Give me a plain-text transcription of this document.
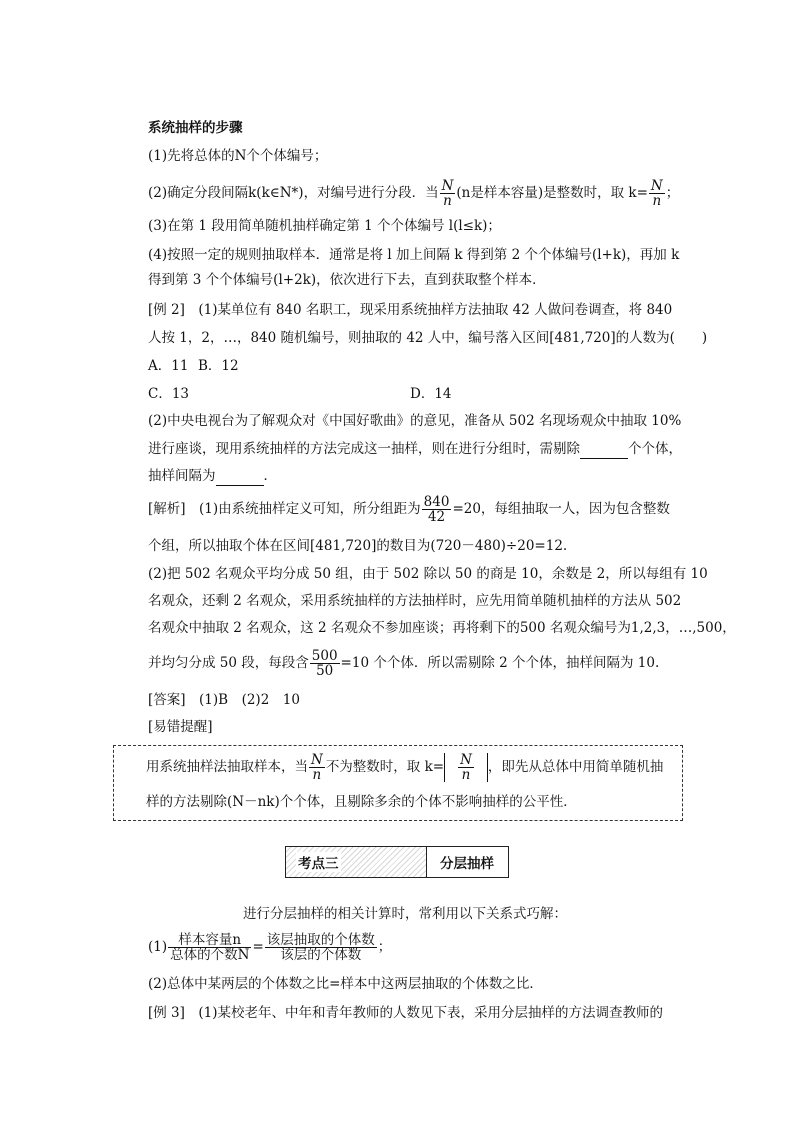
系统抽样的步骤
(1)先将总体的N个个体编号；
(2)确定分段间隔k(k∈N*)，对编号进行分段．当 $\frac{N}{n} (n$是样本容量)是整数时，取 $k= \frac{N}{n}$ ；
(3)在第 1 段用简单随机抽样确定第 1 个个体编号 l(l≤k)；
(4)按照一定的规则抽取样本．通常是将 l 加上间隔 k 得到第 2 个个体编号(l+k)，再加 k
得到第 3 个个体编号(l+2k)，依次进行下去，直到获取整个样本．
[例 2]　(1)某单位有 840 名职工，现采用系统抽样方法抽取 42 人做问卷调查，将 840
人按 1，2，…，840 随机编号，则抽取的 42 人中，编号落入区间[481,720]的人数为(　　)
A．11 B．12
C．13	D．14
(2)中央电视台为了解观众对《中国好歌曲》的意见，准备从 502 名现场观众中抽取 10%
进行座谈，现用系统抽样的方法完成这一抽样，则在进行分组时，需剔除	个个体，
抽样间隔为	．
[解析]　(1)由系统抽样定义可知，所分组距为 $\frac{840}{42} =20$，每组抽取一人，因为包含整数
个组，所以抽取个体在区间[481,720]的数目为(720－480)÷20=12.
(2)把 502 名观众平均分成 50 组，由于 502 除以 50 的商是 10，余数是 2，所以每组有 10
名观众，还剩 2 名观众，采用系统抽样的方法抽样时，应先用简单随机抽样的方法从 502
名观众中抽取 2 名观众，这 2 名观众不参加座谈；再将剩下的500 名观众编号为1,2,3，…,500，
并均匀分成 50 段，每段含 $\frac{500}{50} =10$ 个个体．所以需剔除 2 个个体，抽样间隔为 10.
[答案]　(1)B　(2)2　10
[易错提醒]
用系统抽样法抽取样本，当 $\frac{N}{n}$ 不为整数时，取 $k= \frac{N}{n}$ ，即先从总体中用简单随机抽
样的方法剔除(N－nk)个个体，且剔除多余的个体不影响抽样的公平性．
考点三	分层抽样
进行分层抽样的相关计算时，常利用以下关系式巧解：
$(1) \frac{\text{样本容量n}}{\text{总体的个数N}} = \frac{\text{该层抽取的个体数}}{\text{该层的个体数}}$ ；
(2)总体中某两层的个体数之比=样本中这两层抽取的个体数之比．
[例 3]　(1)某校老年、中年和青年教师的人数见下表，采用分层抽样的方法调查教师的
